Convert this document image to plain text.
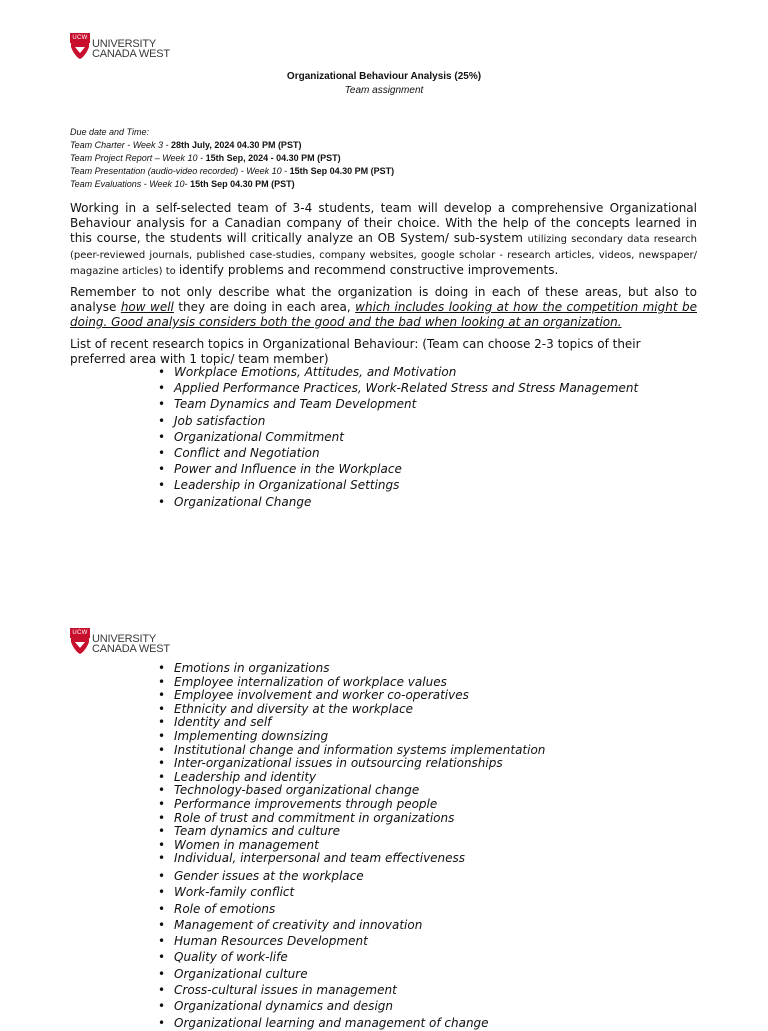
UCW UNIVERSITY
CANADA WEST
Organizational Behaviour Analysis (25%)
Team assignment
Due date and Time:
Team Charter - Week 3 - 28th July, 2024 04.30 PM (PST)
Team Project Report – Week 10 - 15th Sep, 2024 - 04.30 PM (PST)
Team Presentation (audio-video recorded) - Week 10 - 15th Sep 04.30 PM (PST)
Team Evaluations - Week 10- 15th Sep 04.30 PM (PST)
Working in a self-selected team of 3-4 students, team will develop a comprehensive Organizational Behaviour analysis for a Canadian company of their choice. With the help of the concepts learned in this course, the students will critically analyze an OB System/ sub-system utilizing secondary data research (peer-reviewed journals, published case-studies, company websites, google scholar - research articles, videos, newspaper/ magazine articles) to identify problems and recommend constructive improvements.
Remember to not only describe what the organization is doing in each of these areas, but also to analyse how well they are doing in each area, which includes looking at how the competition might be doing. Good analysis considers both the good and the bad when looking at an organization.
List of recent research topics in Organizational Behaviour: (Team can choose 2-3 topics of their preferred area with 1 topic/ team member)
• Workplace Emotions, Attitudes, and Motivation
• Applied Performance Practices, Work-Related Stress and Stress Management
• Team Dynamics and Team Development
• Job satisfaction
• Organizational Commitment
• Conflict and Negotiation
• Power and Influence in the Workplace
• Leadership in Organizational Settings
• Organizational Change
UCW UNIVERSITY
CANADA WEST
• Emotions in organizations
• Employee internalization of workplace values
• Employee involvement and worker co-operatives
• Ethnicity and diversity at the workplace
• Identity and self
• Implementing downsizing
• Institutional change and information systems implementation
• Inter-organizational issues in outsourcing relationships
• Leadership and identity
• Technology-based organizational change
• Performance improvements through people
• Role of trust and commitment in organizations
• Team dynamics and culture
• Women in management
• Individual, interpersonal and team effectiveness
• Gender issues at the workplace
• Work-family conflict
• Role of emotions
• Management of creativity and innovation
• Human Resources Development
• Quality of work-life
• Organizational culture
• Cross-cultural issues in management
• Organizational dynamics and design
• Organizational learning and management of change
